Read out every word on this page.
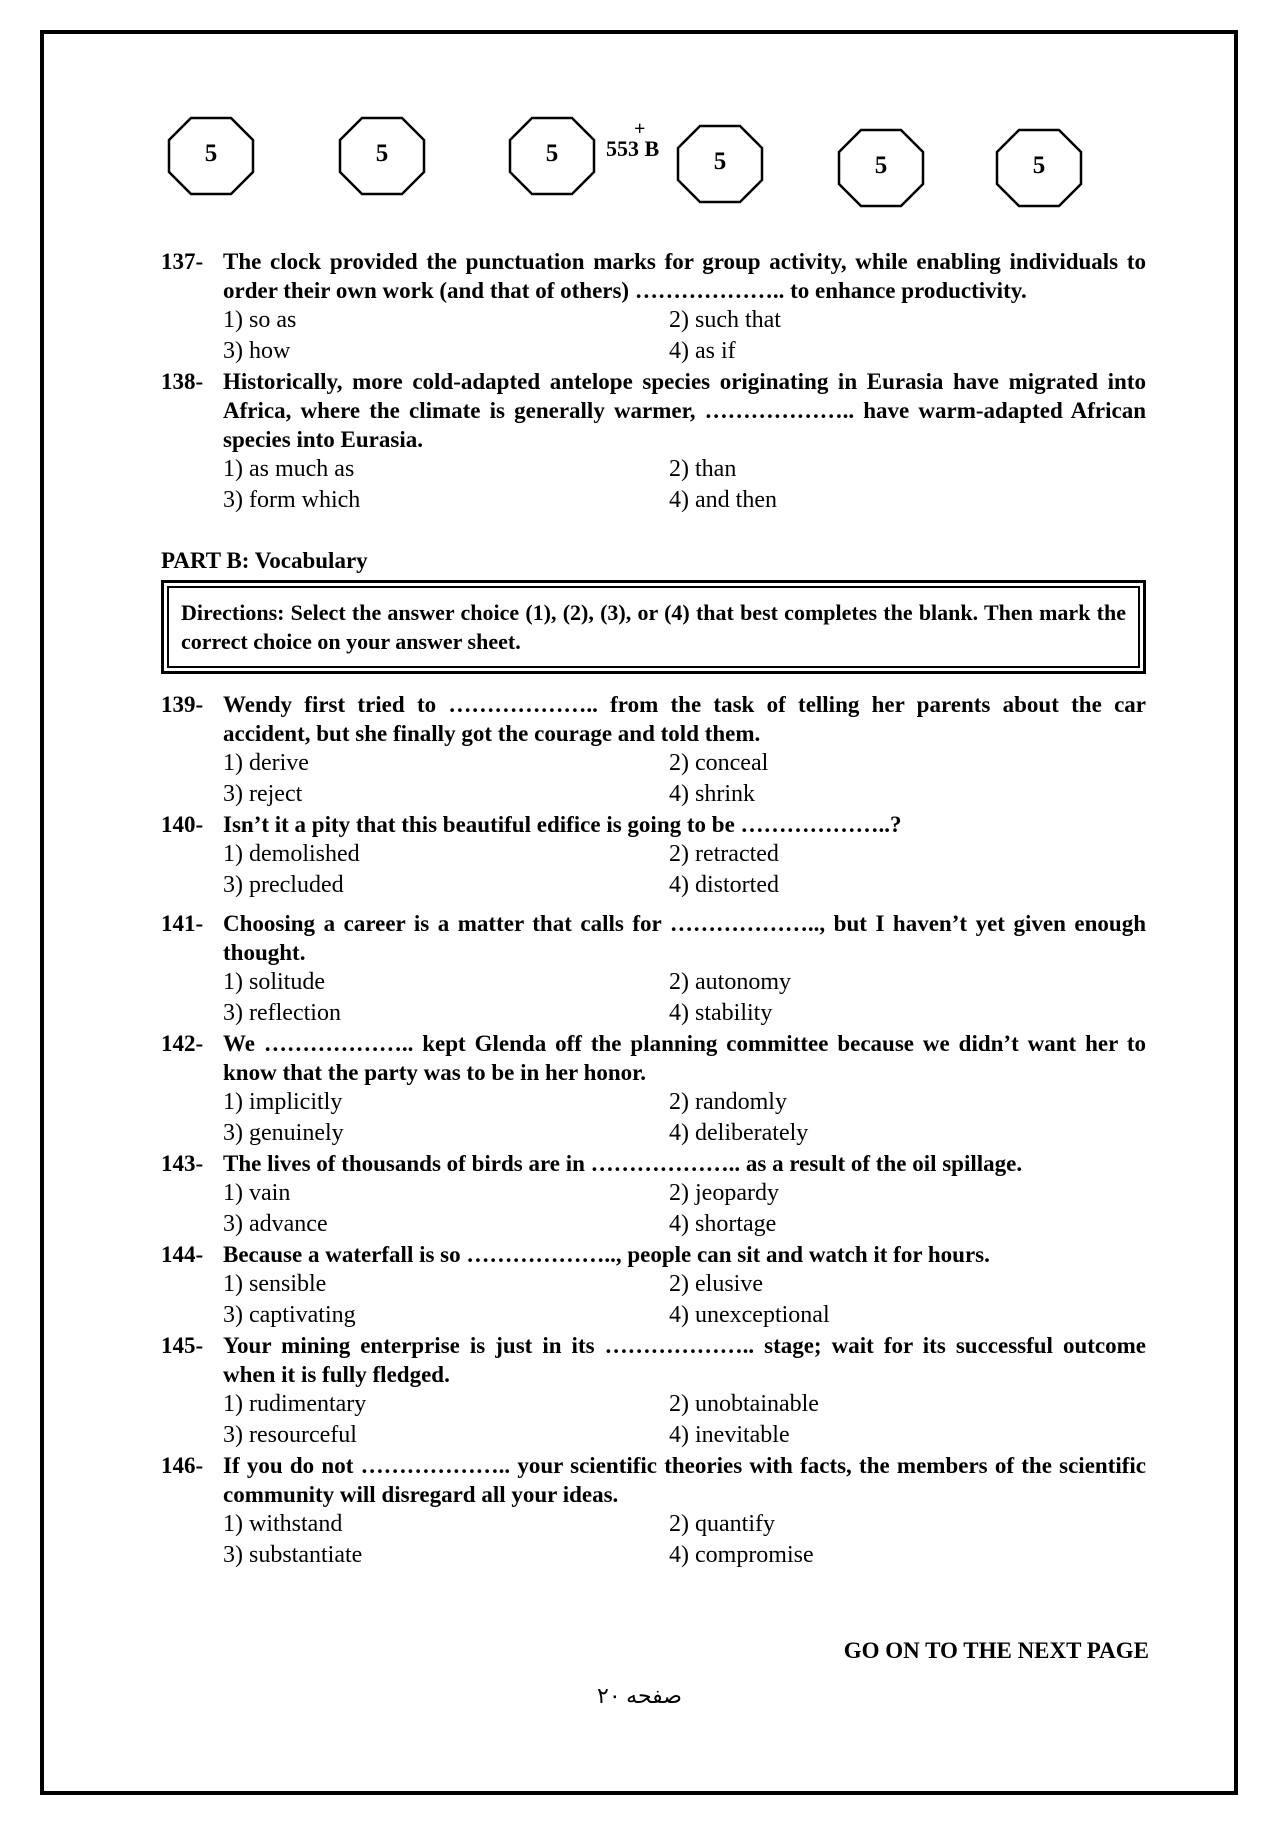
5	5	5
+
553 B	5	5	5
137- The clock provided the punctuation marks for group activity, while enabling individuals to order their own work (and that of others) ……………….. to enhance productivity.
1) so as	2) such that
3) how	4) as if
138- Historically, more cold-adapted antelope species originating in Eurasia have migrated into Africa, where the climate is generally warmer, ……………….. have warm-adapted African species into Eurasia.
1) as much as	2) than
3) form which	4) and then
PART B: Vocabulary
Directions: Select the answer choice (1), (2), (3), or (4) that best completes the blank. Then mark the correct choice on your answer sheet.
139- Wendy first tried to ……………….. from the task of telling her parents about the car accident, but she finally got the courage and told them.
1) derive	2) conceal
3) reject	4) shrink
140- Isn’t it a pity that this beautiful edifice is going to be ………………..?
1) demolished	2) retracted
3) precluded	4) distorted
141- Choosing a career is a matter that calls for ……………….., but I haven’t yet given enough thought.
1) solitude	2) autonomy
3) reflection	4) stability
142- We ……………….. kept Glenda off the planning committee because we didn’t want her to know that the party was to be in her honor.
1) implicitly	2) randomly
3) genuinely	4) deliberately
143- The lives of thousands of birds are in ……………….. as a result of the oil spillage.
1) vain	2) jeopardy
3) advance	4) shortage
144- Because a waterfall is so ……………….., people can sit and watch it for hours.
1) sensible	2) elusive
3) captivating	4) unexceptional
145- Your mining enterprise is just in its ……………….. stage; wait for its successful outcome when it is fully fledged.
1) rudimentary	2) unobtainable
3) resourceful	4) inevitable
146- If you do not ……………….. your scientific theories with facts, the members of the scientific community will disregard all your ideas.
1) withstand	2) quantify
3) substantiate	4) compromise
GO ON TO THE NEXT PAGE
صفحه ۲۰
